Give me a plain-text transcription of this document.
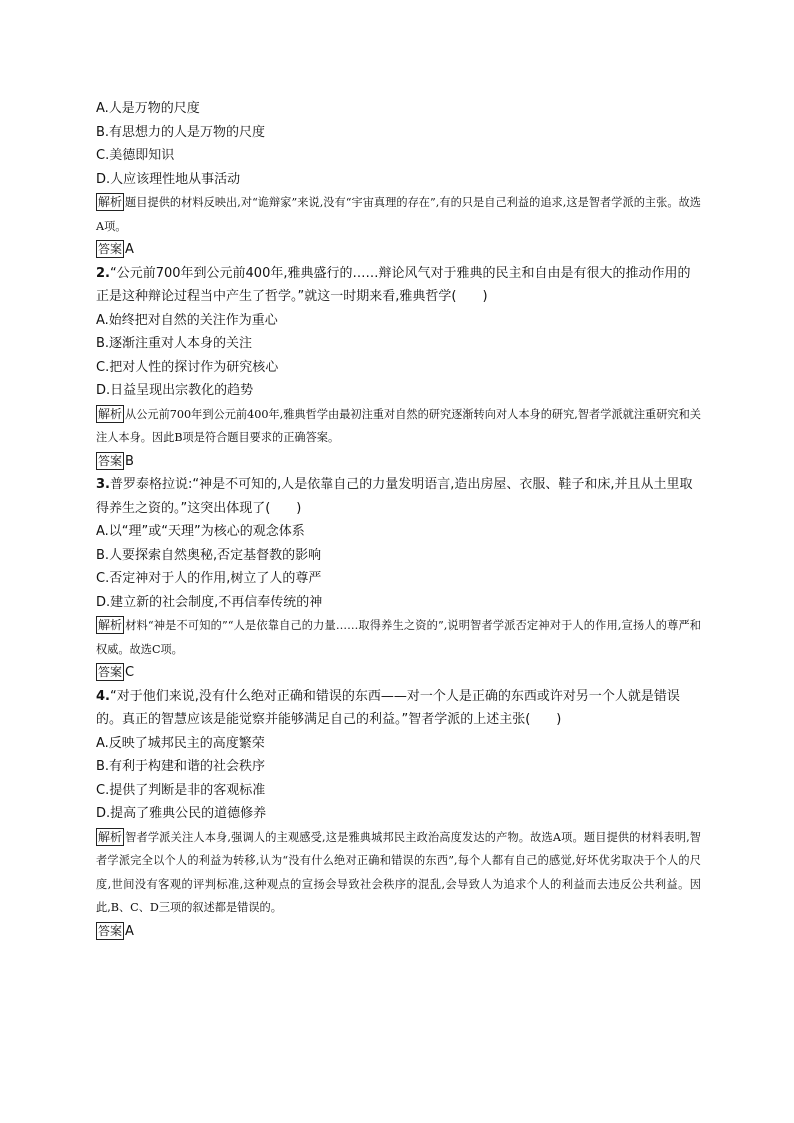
A.人是万物的尺度
B.有思想力的人是万物的尺度
C.美德即知识
D.人应该理性地从事活动
解析 题目提供的材料反映出,对“诡辩家”来说,没有“宇宙真理的存在”,有的只是自己利益的追求,这是智者学派的主张。故选A项。
答案 A
2.“公元前700年到公元前400年,雅典盛行的……辩论风气对于雅典的民主和自由是有很大的推动作用的正是这种辩论过程当中产生了哲学。”就这一时期来看,雅典哲学(　　)
A.始终把对自然的关注作为重心
B.逐渐注重对人本身的关注
C.把对人性的探讨作为研究核心
D.日益呈现出宗教化的趋势
解析 从公元前700年到公元前400年,雅典哲学由最初注重对自然的研究逐渐转向对人本身的研究,智者学派就注重研究和关注人本身。因此B项是符合题目要求的正确答案。
答案 B
3.普罗泰格拉说:“神是不可知的,人是依靠自己的力量发明语言,造出房屋、衣服、鞋子和床,并且从土里取得养生之资的。”这突出体现了(　　)
A.以“理”或“天理”为核心的观念体系
B.人要探索自然奥秘,否定基督教的影响
C.否定神对于人的作用,树立了人的尊严
D.建立新的社会制度,不再信奉传统的神
解析 材料“神是不可知的”“人是依靠自己的力量……取得养生之资的”,说明智者学派否定神对于人的作用,宣扬人的尊严和权威。故选C项。
答案 C
4.“对于他们来说,没有什么绝对正确和错误的东西——对一个人是正确的东西或许对另一个人就是错误的。真正的智慧应该是能觉察并能够满足自己的利益。”智者学派的上述主张(　　)
A.反映了城邦民主的高度繁荣
B.有利于构建和谐的社会秩序
C.提供了判断是非的客观标准
D.提高了雅典公民的道德修养
解析 智者学派关注人本身,强调人的主观感受,这是雅典城邦民主政治高度发达的产物。故选A项。题目提供的材料表明,智者学派完全以个人的利益为转移,认为“没有什么绝对正确和错误的东西”,每个人都有自己的感觉,好坏优劣取决于个人的尺度,世间没有客观的评判标准,这种观点的宣扬会导致社会秩序的混乱,会导致人为追求个人的利益而去违反公共利益。因此,B、C、D三项的叙述都是错误的。
答案 A
